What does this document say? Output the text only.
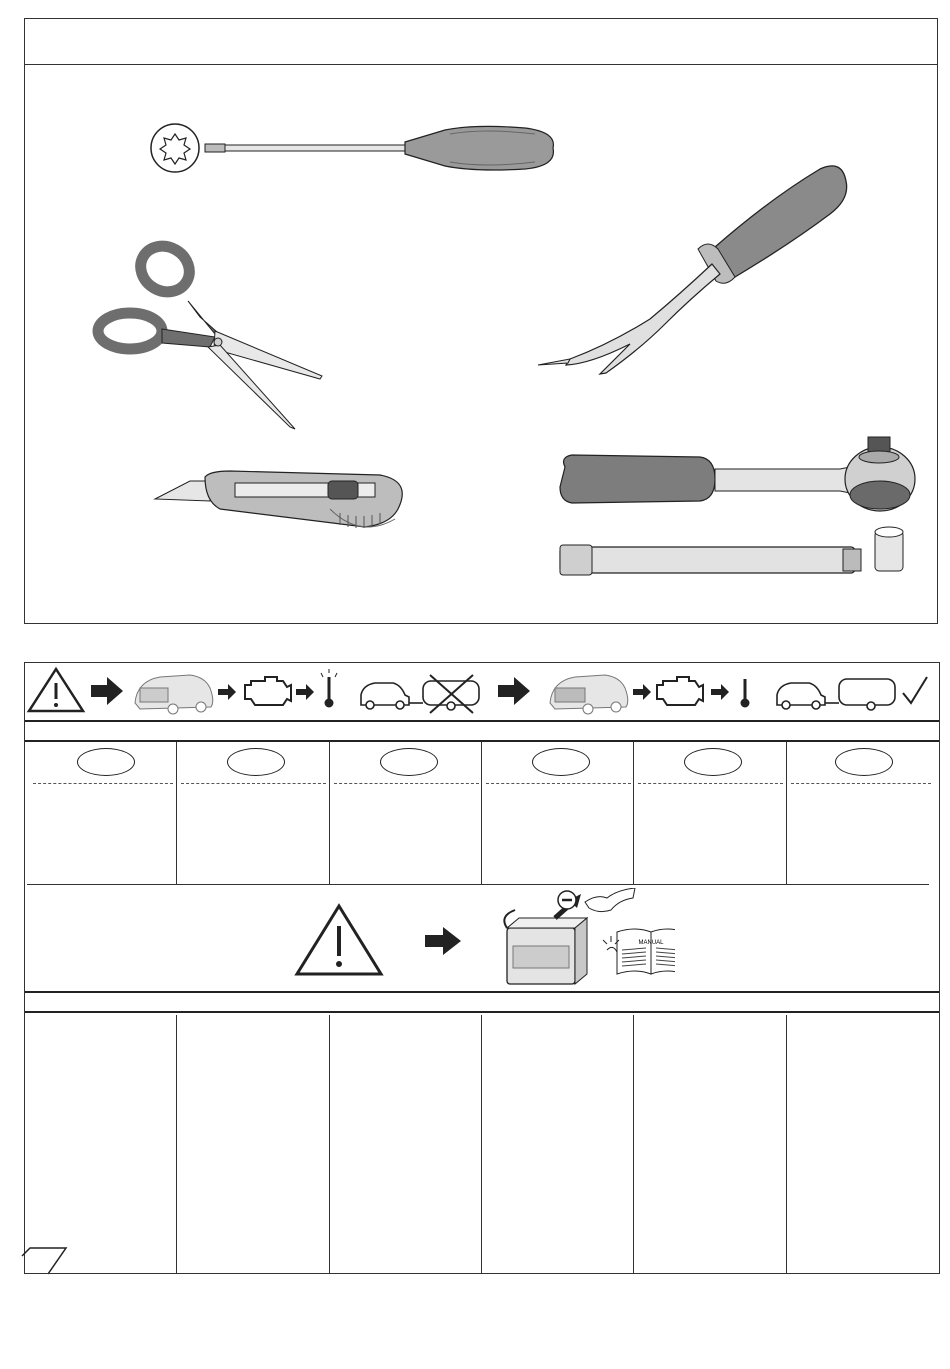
MANUAL
